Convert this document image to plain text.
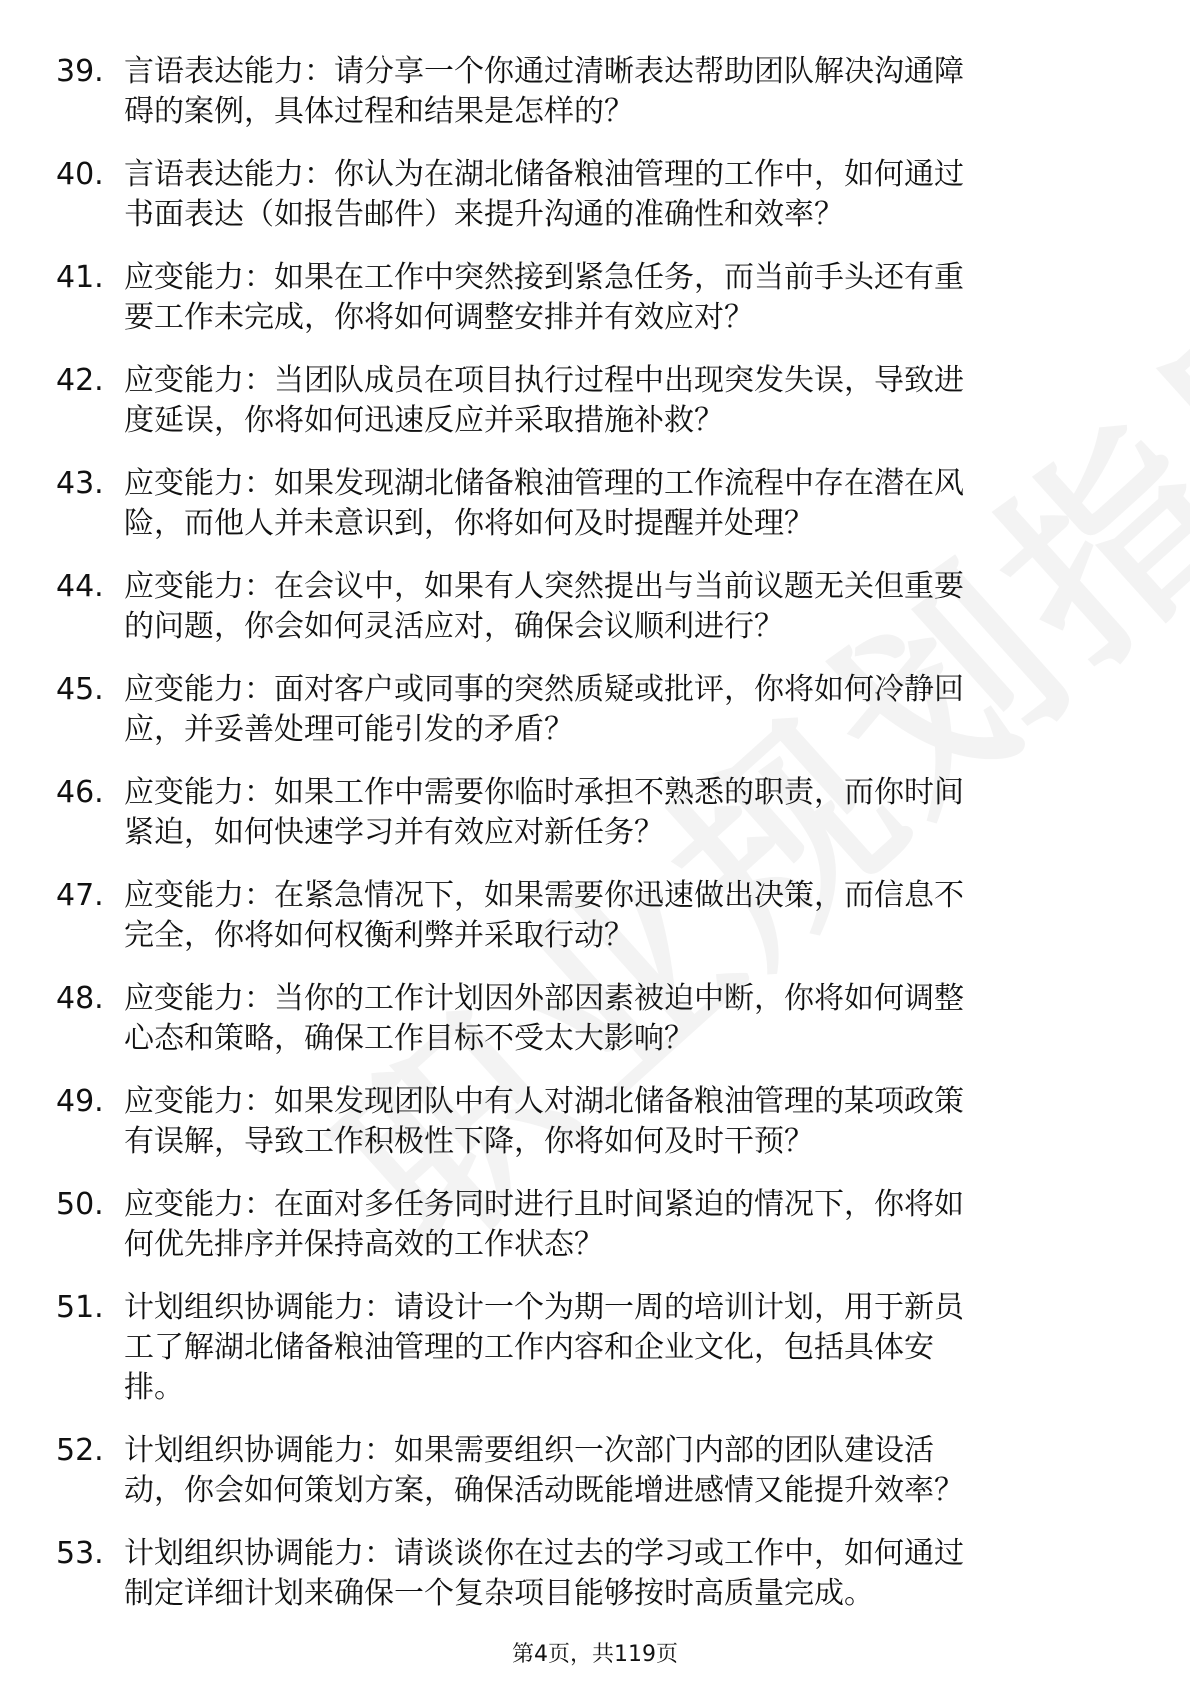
39. 言语表达能力：请分享一个你通过清晰表达帮助团队解决沟通障
碍的案例，具体过程和结果是怎样的？
40. 言语表达能力：你认为在湖北储备粮油管理的工作中，如何通过
书面表达（如报告邮件）来提升沟通的准确性和效率？
41. 应变能力：如果在工作中突然接到紧急任务，而当前手头还有重
要工作未完成，你将如何调整安排并有效应对？
42. 应变能力：当团队成员在项目执行过程中出现突发失误，导致进
度延误，你将如何迅速反应并采取措施补救？
43. 应变能力：如果发现湖北储备粮油管理的工作流程中存在潜在风
险，而他人并未意识到，你将如何及时提醒并处理？
44. 应变能力：在会议中，如果有人突然提出与当前议题无关但重要
的问题，你会如何灵活应对，确保会议顺利进行？
45. 应变能力：面对客户或同事的突然质疑或批评，你将如何冷静回
应，并妥善处理可能引发的矛盾？
46. 应变能力：如果工作中需要你临时承担不熟悉的职责，而你时间
紧迫，如何快速学习并有效应对新任务？
47. 应变能力：在紧急情况下，如果需要你迅速做出决策，而信息不
完全，你将如何权衡利弊并采取行动？
48. 应变能力：当你的工作计划因外部因素被迫中断，你将如何调整
心态和策略，确保工作目标不受太大影响？
49. 应变能力：如果发现团队中有人对湖北储备粮油管理的某项政策
有误解，导致工作积极性下降，你将如何及时干预？
50. 应变能力：在面对多任务同时进行且时间紧迫的情况下，你将如
何优先排序并保持高效的工作状态？
51. 计划组织协调能力：请设计一个为期一周的培训计划，用于新员
工了解湖北储备粮油管理的工作内容和企业文化，包括具体安
排。
52. 计划组织协调能力：如果需要组织一次部门内部的团队建设活
动，你会如何策划方案，确保活动既能增进感情又能提升效率？
53. 计划组织协调能力：请谈谈你在过去的学习或工作中，如何通过
制定详细计划来确保一个复杂项目能够按时高质量完成。
第4页，共119页
